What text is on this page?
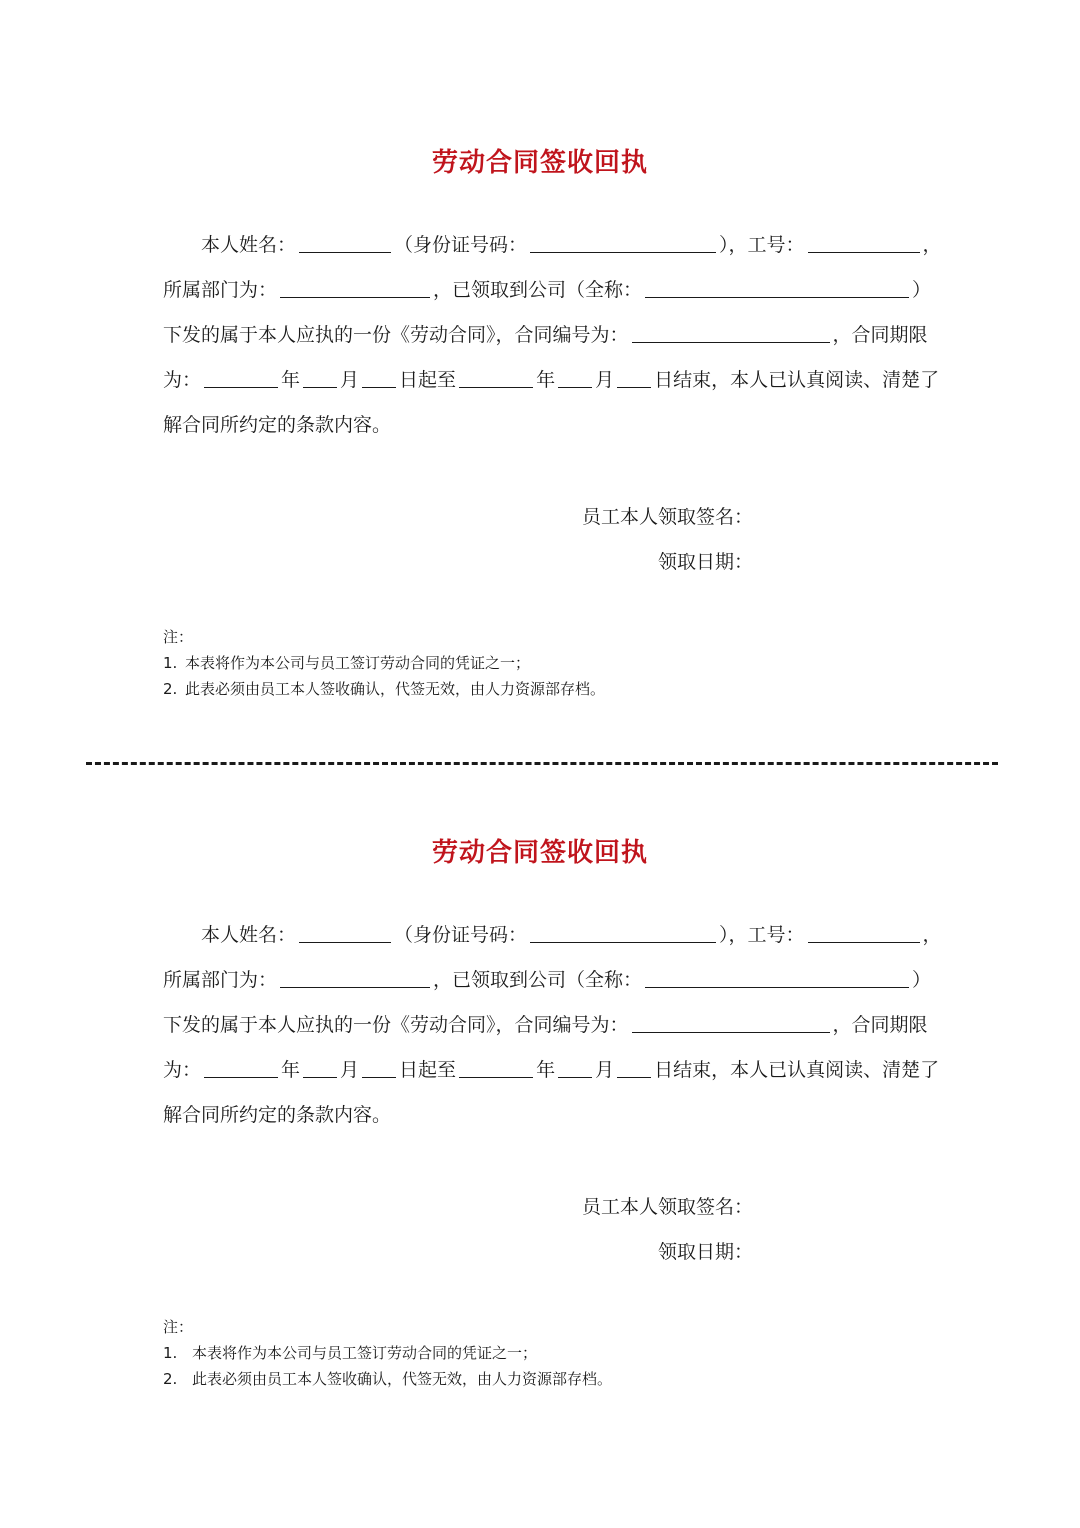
劳动合同签收回执
本人姓名：	（身份证号码：	），工号：	，
所属部门为：	，已领取到公司（全称：	）
下发的属于本人应执的一份《劳动合同》，合同编号为：	，合同期限
为：	年 月 日起至	年 月 日结束，本人已认真阅读、清楚了
解合同所约定的条款内容。
员工本人领取签名：
领取日期：
注：
1. 本表将作为本公司与员工签订劳动合同的凭证之一；
2. 此表必须由员工本人签收确认，代签无效，由人力资源部存档。
劳动合同签收回执
本人姓名：	（身份证号码：	），工号：	，
所属部门为：	，已领取到公司（全称：	）
下发的属于本人应执的一份《劳动合同》，合同编号为：	，合同期限
为：	年 月 日起至	年 月 日结束，本人已认真阅读、清楚了
解合同所约定的条款内容。
员工本人领取签名：
领取日期：
注：
1. 本表将作为本公司与员工签订劳动合同的凭证之一；
2. 此表必须由员工本人签收确认，代签无效，由人力资源部存档。
